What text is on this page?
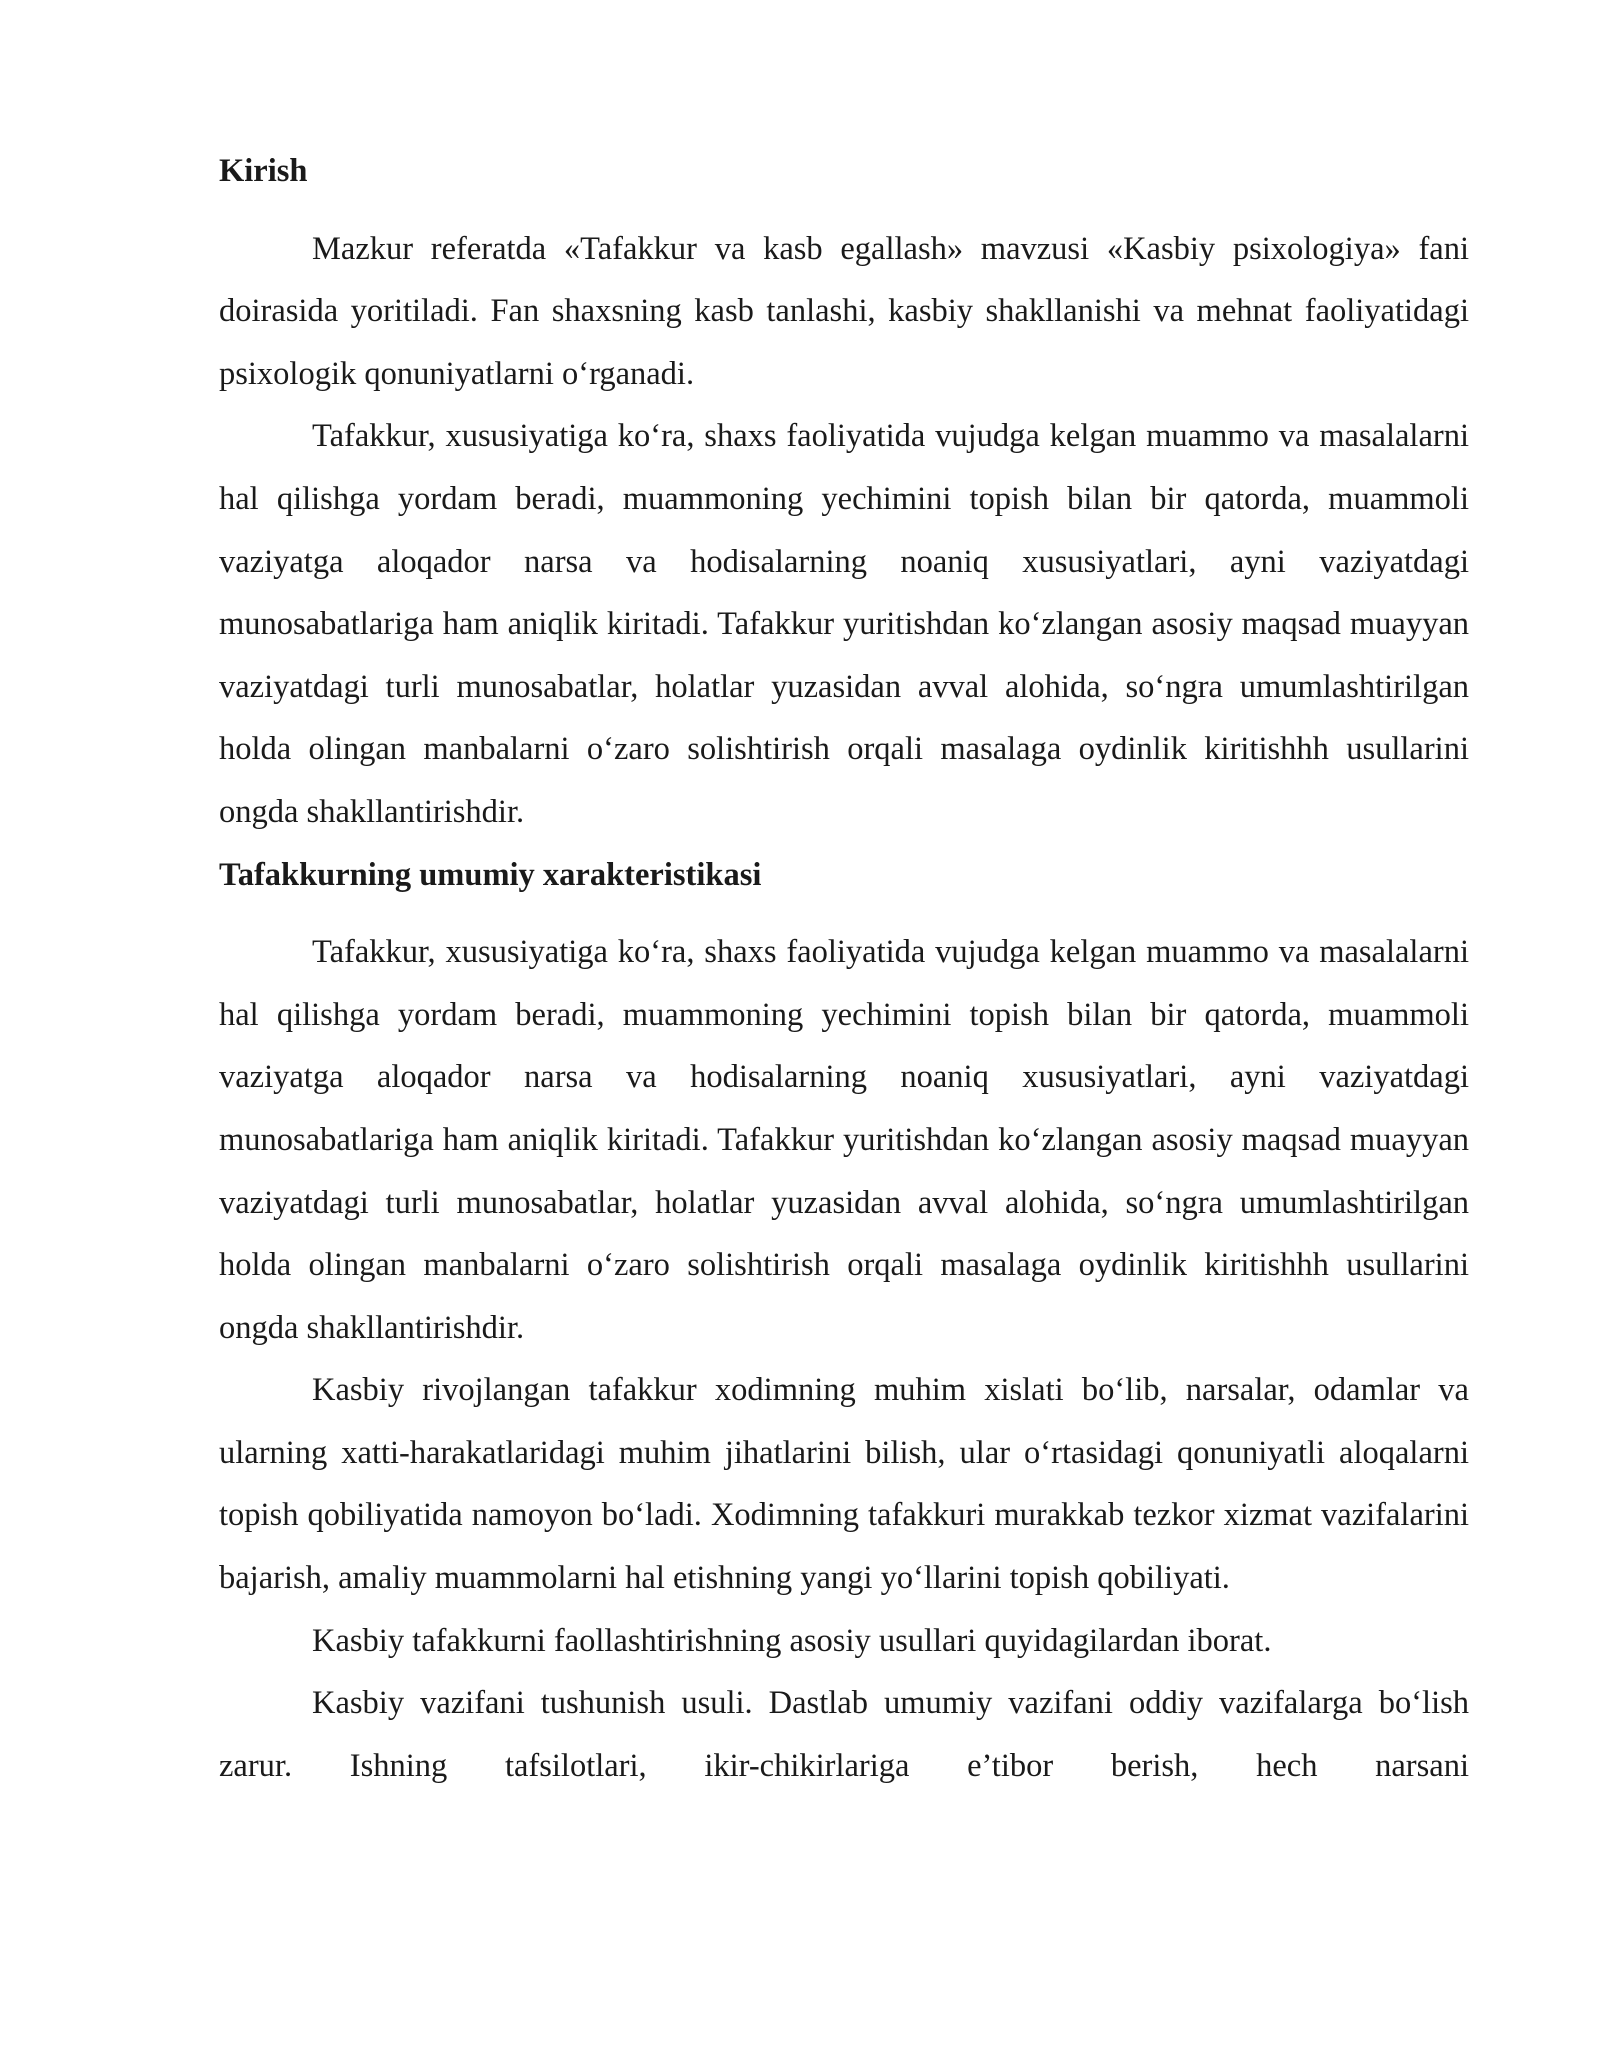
Kirish

Mazkur referatda «Tafakkur va kasb egallash» mavzusi «Kasbiy psixologiya» fani doirasida yoritiladi. Fan shaxsning kasb tanlashi, kasbiy shakllanishi va mehnat faoliyatidagi psixologik qonuniyatlarni o‘rganadi.

Tafakkur, xususiyatiga ko‘ra, shaxs faoliyatida vujudga kelgan muammo va masalalarni hal qilishga yordam beradi, muammoning yechimini topish bilan bir qatorda, muammoli vaziyatga aloqador narsa va hodisalarning noaniq xususiyatlari, ayni vaziyatdagi munosabatlariga ham aniqlik kiritadi. Tafakkur yuritishdan ko‘zlangan asosiy maqsad muayyan vaziyatdagi turli munosabatlar, holatlar yuzasidan avval alohida, so‘ngra umumlashtirilgan holda olingan manbalarni o‘zaro solishtirish orqali masalaga oydinlik kiritishhh usullarini ongda shakllantirishdir.

Tafakkurning umumiy xarakteristikasi

Tafakkur, xususiyatiga ko‘ra, shaxs faoliyatida vujudga kelgan muammo va masalalarni hal qilishga yordam beradi, muammoning yechimini topish bilan bir qatorda, muammoli vaziyatga aloqador narsa va hodisalarning noaniq xususiyatlari, ayni vaziyatdagi munosabatlariga ham aniqlik kiritadi. Tafakkur yuritishdan ko‘zlangan asosiy maqsad muayyan vaziyatdagi turli munosabatlar, holatlar yuzasidan avval alohida, so‘ngra umumlashtirilgan holda olingan manbalarni o‘zaro solishtirish orqali masalaga oydinlik kiritishhh usullarini ongda shakllantirishdir.

Kasbiy rivojlangan tafakkur xodimning muhim xislati bo‘lib, narsalar, odamlar va ularning xatti-harakatlaridagi muhim jihatlarini bilish, ular o‘rtasidagi qonuniyatli aloqalarni topish qobiliyatida namoyon bo‘ladi. Xodimning tafakkuri murakkab tezkor xizmat vazifalarini bajarish, amaliy muammolarni hal etishning yangi yo‘llarini topish qobiliyati.

Kasbiy tafakkurni faollashtirishning asosiy usullari quyidagilardan iborat.

Kasbiy vazifani tushunish usuli. Dastlab umumiy vazifani oddiy vazifalarga bo‘lish zarur. Ishning tafsilotlari, ikir-chikirlariga e’tibor berish, hech narsani
